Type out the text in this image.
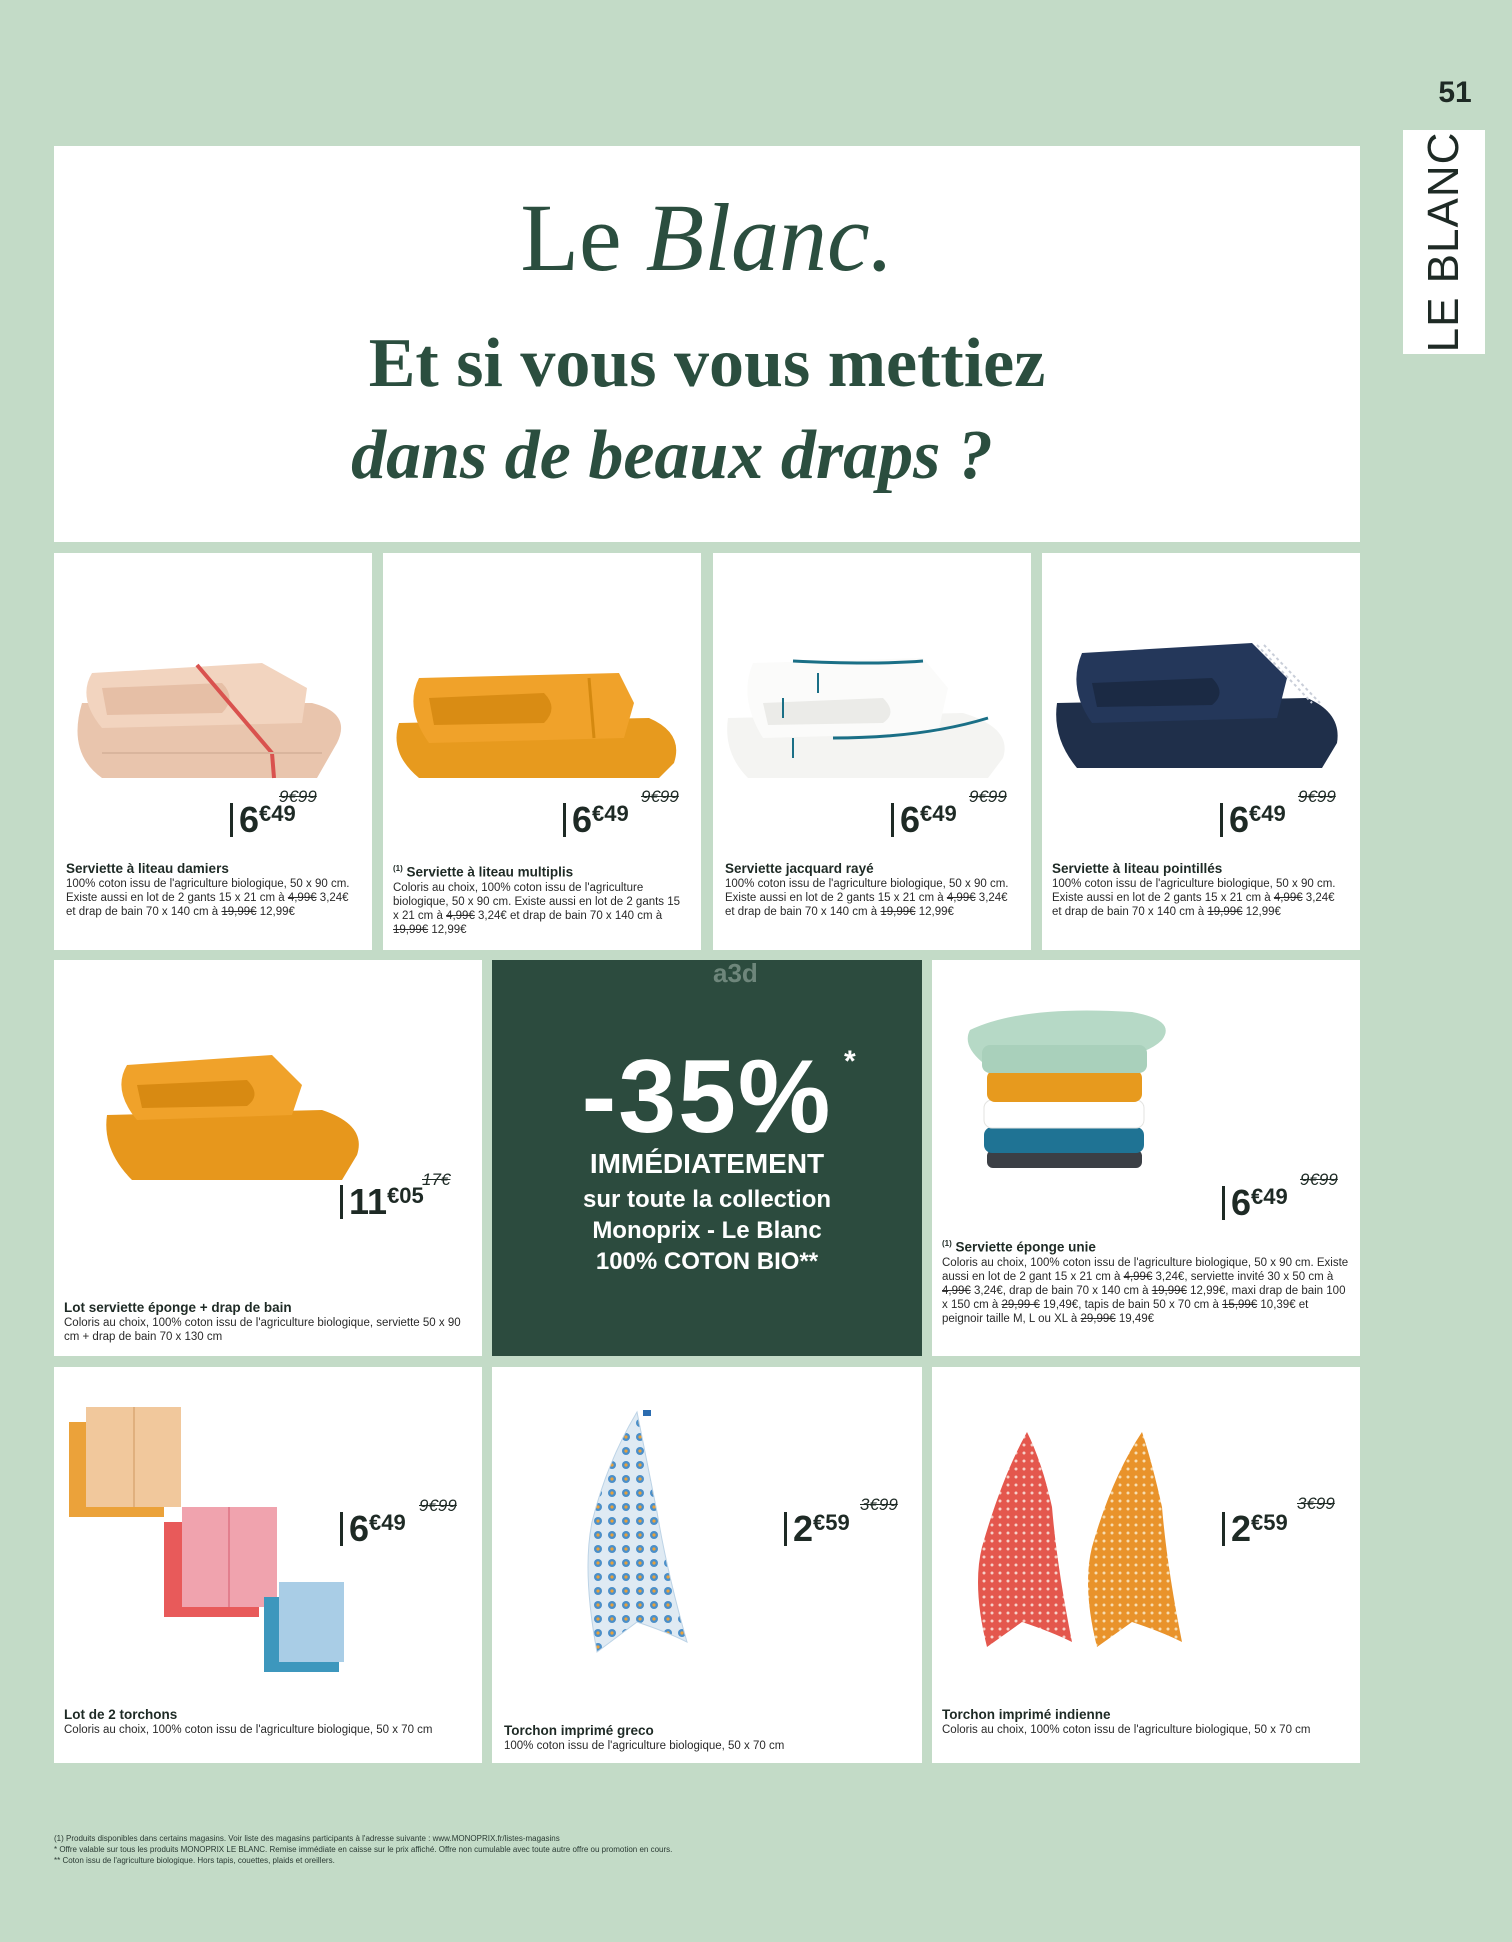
51
LE BLANC
Le Blanc.
Et si vous vous mettiez
dans de beaux draps ?
9€99
6€49
Serviette à liteau damiers
100% coton issu de l'agriculture biologique, 50 x 90 cm. Existe aussi en lot de 2 gants 15 x 21 cm à 4,99€ 3,24€ et drap de bain 70 x 140 cm à 19,99€ 12,99€
9€99
6€49
$^{(1)}$ Serviette à liteau multiplis
Coloris au choix, 100% coton issu de l'agriculture biologique, 50 x 90 cm. Existe aussi en lot de 2 gants 15 x 21 cm à 4,99€ 3,24€ et drap de bain 70 x 140 cm à 19,99€ 12,99€
9€99
6€49
Serviette jacquard rayé
100% coton issu de l'agriculture biologique, 50 x 90 cm. Existe aussi en lot de 2 gants 15 x 21 cm à 4,99€ 3,24€ et drap de bain 70 x 140 cm à 19,99€ 12,99€
9€99
6€49
Serviette à liteau pointillés
100% coton issu de l'agriculture biologique, 50 x 90 cm. Existe aussi en lot de 2 gants 15 x 21 cm à 4,99€ 3,24€ et drap de bain 70 x 140 cm à 19,99€ 12,99€
17€
11€05
Lot serviette éponge + drap de bain
Coloris au choix, 100% coton issu de l'agriculture biologique, serviette 50 x 90 cm + drap de bain 70 x 130 cm
-35% *
IMMÉDIATEMENT
sur toute la collection
Monoprix - Le Blanc
100% COTON BIO**
a3d
9€99
6€49
$^{(1)}$ Serviette éponge unie
Coloris au choix, 100% coton issu de l'agriculture biologique, 50 x 90 cm. Existe aussi en lot de 2 gant 15 x 21 cm à 4,99€ 3,24€, serviette invité 30 x 50 cm à 4,99€ 3,24€, drap de bain 70 x 140 cm à 19,99€ 12,99€, maxi drap de bain 100 x 150 cm à 29,99 € 19,49€, tapis de bain 50 x 70 cm à 15,99€ 10,39€ et peignoir taille M, L ou XL à 29,99€ 19,49€
9€99
6€49
Lot de 2 torchons
Coloris au choix, 100% coton issu de l'agriculture biologique, 50 x 70 cm
3€99
2€59
Torchon imprimé greco
100% coton issu de l'agriculture biologique, 50 x 70 cm
3€99
2€59
Torchon imprimé indienne
Coloris au choix, 100% coton issu de l'agriculture biologique, 50 x 70 cm
(1) Produits disponibles dans certains magasins. Voir liste des magasins participants à l'adresse suivante : www.MONOPRIX.fr/listes-magasins
* Offre valable sur tous les produits MONOPRIX LE BLANC. Remise immédiate en caisse sur le prix affiché. Offre non cumulable avec toute autre offre ou promotion en cours.
** Coton issu de l'agriculture biologique. Hors tapis, couettes, plaids et oreillers.
